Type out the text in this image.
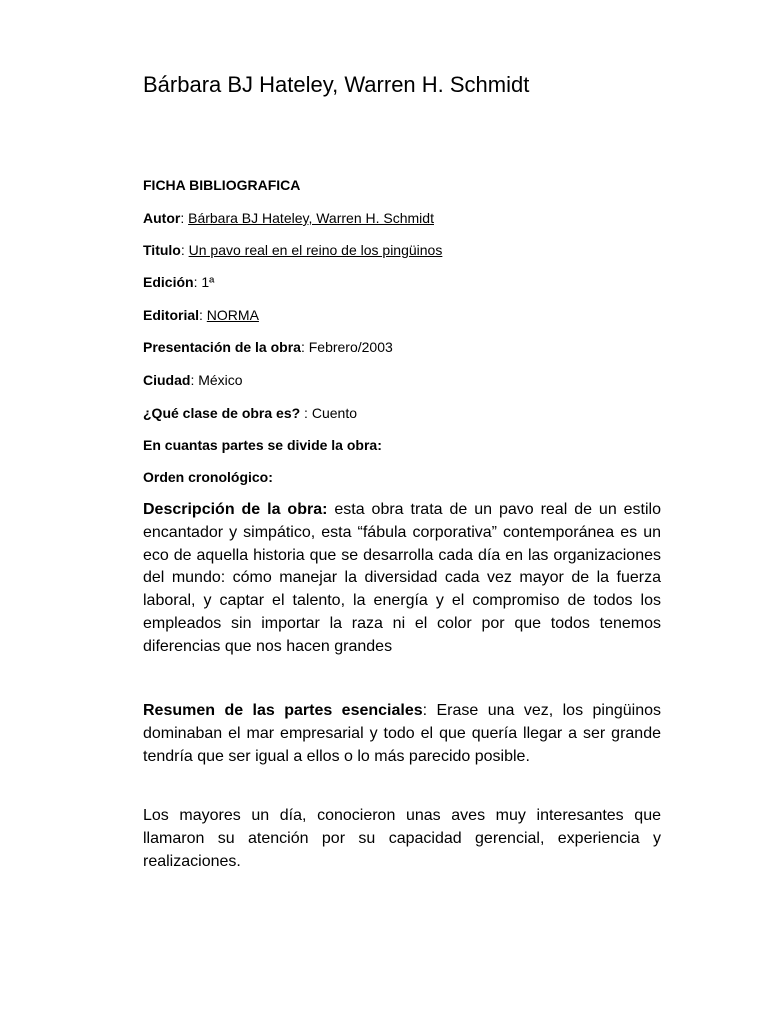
Bárbara BJ Hateley, Warren H. Schmidt
FICHA BIBLIOGRAFICA
Autor: Bárbara BJ Hateley, Warren H. Schmidt
Titulo: Un pavo real en el reino de los pingüinos
Edición: 1ª
Editorial: NORMA
Presentación de la obra: Febrero/2003
Ciudad: México
¿Qué clase de obra es? : Cuento
En cuantas partes se divide la obra:
Orden cronológico:

Descripción de la obra: esta obra trata de un pavo real de un estilo encantador y simpático, esta “fábula corporativa” contemporánea es un eco de aquella historia que se desarrolla cada día en las organizaciones del mundo: cómo manejar la diversidad cada vez mayor de la fuerza laboral, y captar el talento, la energía y el compromiso de todos los empleados sin importar la raza ni el color por que todos tenemos diferencias que nos hacen grandes

Resumen de las partes esenciales: Erase una vez, los pingüinos dominaban el mar empresarial y todo el que quería llegar a ser grande tendría que ser igual a ellos o lo más parecido posible.

Los mayores un día, conocieron unas aves muy interesantes que llamaron su atención por su capacidad gerencial, experiencia y realizaciones.
